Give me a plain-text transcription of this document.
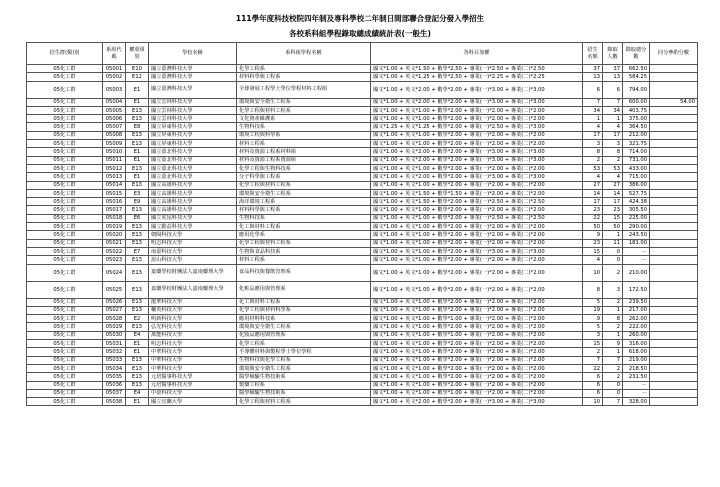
111學年度科技校院四年制及專科學校二年制日間部聯合登記分發入學招生
各校系科組學程錄取總成績統計表(一般生)
招生群(類)別	系組代碼	權重組別	學校名稱	系科組學程名稱	各科目加權	招生名額	錄取人數	錄取總分數	同分參酌分數
05化工群	05001	E10	國立臺灣科技大學	化學工程系	國文*1.00 + 英文*1.50 + 數學*2.50 + 專業(一)*2.50 + 專業(二)*2.50	37	37	662.50	
05化工群	05002	E12	國立臺灣科技大學	材料科學與工程系	國文*1.00 + 英文*1.25 + 數學*2.50 + 專業(一)*2.25 + 專業(二)*2.25	13	13	584.25	
05化工群	05003	E1	國立臺灣科技大學	全球發展工程學士學位學程材料工程組	國文*1.00 + 英文*2.00 + 數學*2.00 + 專業(一)*3.00 + 專業(二)*3.00	6	6	794.00	
05化工群	05004	E1	國立雲林科技大學	環境與安全衛生工程系	國文*1.00 + 英文*2.00 + 數學*2.00 + 專業(一)*3.00 + 專業(二)*3.00	7	7	600.00	54.00
05化工群	05005	E13	國立雲林科技大學	化學工程與材料工程系	國文*1.00 + 英文*1.00 + 數學*2.00 + 專業(一)*2.00 + 專業(二)*2.00	34	34	403.75	
05化工群	05006	E13	國立雲林科技大學	文化資產維護系	國文*1.00 + 英文*1.00 + 數學*2.00 + 專業(一)*2.00 + 專業(二)*2.00	1	1	375.00	
05化工群	05007	E8	國立屏東科技大學	生物科技系	國文*1.25 + 英文*1.25 + 數學*2.00 + 專業(一)*2.50 + 專業(二)*3.00	4	4	364.50	
05化工群	05008	E13	國立屏東科技大學	環境工程與科學系	國文*1.00 + 英文*1.00 + 數學*2.00 + 專業(一)*2.00 + 專業(二)*2.00	17	17	212.00	
05化工群	05009	E13	國立屏東科技大學	材料工程系	國文*1.00 + 英文*1.00 + 數學*2.00 + 專業(一)*2.00 + 專業(二)*2.00	3	3	321.75	
05化工群	05010	E1	國立臺北科技大學	材料及資源工程系材料組	國文*1.00 + 英文*2.00 + 數學*2.00 + 專業(一)*3.00 + 專業(二)*3.00	8	8	714.00	
05化工群	05011	E1	國立臺北科技大學	材料及資源工程系資源組	國文*1.00 + 英文*2.00 + 數學*2.00 + 專業(一)*3.00 + 專業(二)*3.00	2	2	731.00	
05化工群	05012	E13	國立臺北科技大學	化學工程與生物科技系	國文*1.00 + 英文*1.00 + 數學*2.00 + 專業(一)*2.00 + 專業(二)*2.00	53	53	433.00	
05化工群	05013	E1	國立臺北科技大學	分子科學與工程系	國文*1.00 + 英文*2.00 + 數學*2.00 + 專業(一)*3.00 + 專業(二)*3.00	4	4	715.00	
05化工群	05014	E13	國立高雄科技大學	化學工程與材料工程系	國文*1.00 + 英文*1.00 + 數學*2.00 + 專業(一)*2.00 + 專業(二)*2.00	27	27	386.00	
05化工群	05015	E3	國立高雄科技大學	環境與安全衛生工程系	國文*1.00 + 英文*1.50 + 數學*1.50 + 專業(一)*2.00 + 專業(二)*2.00	14	14	527.75	
05化工群	05016	E9	國立高雄科技大學	海洋環境工程系	國文*1.00 + 英文*1.50 + 數學*2.00 + 專業(一)*2.50 + 專業(二)*2.50	17	17	424.38	
05化工群	05017	E13	國立高雄科技大學	材料科學與工程系	國文*1.00 + 英文*1.00 + 數學*2.00 + 專業(一)*2.00 + 專業(二)*2.00	23	23	305.50	
05化工群	05018	E6	國立虎尾科技大學	生物科技系	國文*1.00 + 英文*1.00 + 數學*2.00 + 專業(一)*2.50 + 專業(二)*2.50	22	15	225.00	
05化工群	05019	E13	國立勤益科技大學	化工與材料工程系	國文*1.00 + 英文*1.00 + 數學*2.00 + 專業(一)*2.00 + 專業(二)*2.00	50	50	290.00	
05化工群	05020	E13	朝陽科技大學	應用化學系	國文*1.00 + 英文*1.00 + 數學*2.00 + 專業(一)*2.00 + 專業(二)*2.00	9	1	243.50	
05化工群	05021	E13	明志科技大學	化學工程與材料工程系	國文*1.00 + 英文*1.00 + 數學*2.00 + 專業(一)*2.00 + 專業(二)*2.00	23	11	181.00	
05化工群	05022	E7	南臺科技大學	生物與食品科技系	國文*1.00 + 英文*1.00 + 數學*2.00 + 專業(一)*3.00 + 專業(二)*3.00	15	0	－	
05化工群	05023	E13	崑山科技大學	材料工程系	國文*1.00 + 英文*1.00 + 數學*2.00 + 專業(一)*2.00 + 專業(二)*2.00	4	0	－	
05化工群	05024	E13	嘉藥學校財團法人嘉南藥理大學	食品科技與餐飲管理系	國文*1.00 + 英文*1.00 + 數學*2.00 + 專業(一)*2.00 + 專業(二)*2.00	10	2	210.00	
05化工群	05025	E13	嘉藥學校財團法人嘉南藥理大學	化粧品應用與管理系	國文*1.00 + 英文*1.00 + 數學*2.00 + 專業(一)*2.00 + 專業(二)*2.00	8	3	172.50	
05化工群	05026	E13	龍華科技大學	化工與材料工程系	國文*1.00 + 英文*1.00 + 數學*2.00 + 專業(一)*2.00 + 專業(二)*2.00	5	2	239.50	
05化工群	05027	E13	輔英科技大學	化學工程與材料科學系	國文*1.00 + 英文*1.00 + 數學*2.00 + 專業(一)*2.00 + 專業(二)*2.00	19	1	217.00	
05化工群	05028	E2	明新科技大學	應用材料科技系	國文*1.00 + 英文*1.00 + 數學*1.00 + 專業(一)*2.00 + 專業(二)*2.00	9	8	262.00	
05化工群	05029	E13	弘光科技大學	環境與安全衛生工程系	國文*1.00 + 英文*1.00 + 數學*2.00 + 專業(一)*2.00 + 專業(二)*2.00	5	2	222.00	
05化工群	05030	E4	萬能科技大學	化妝品應用與管理系	國文*1.00 + 英文*1.00 + 數學*1.00 + 專業(一)*2.00 + 專業(二)*2.00	3	1	260.00	
05化工群	05031	E1	明志科技大學	化學工程系	國文*1.00 + 英文*1.00 + 數學*2.00 + 專業(一)*2.00 + 專業(二)*2.00	15	9	316.00	
05化工群	05032	E1	中華科技大學	半導體材料與製程學士學位學程	國文*1.00 + 英文*1.00 + 數學*2.00 + 專業(一)*2.00 + 專業(二)*2.00	2	1	618.00	
05化工群	05033	E13	中華科技大學	生物科技與化學工程系	國文*1.00 + 英文*1.00 + 數學*2.00 + 專業(一)*2.00 + 專業(二)*2.00	7	7	219.00	
05化工群	05034	E13	中華科技大學	環境與安全衛生工程系	國文*1.00 + 英文*1.00 + 數學*2.00 + 專業(一)*2.00 + 專業(二)*2.00	22	2	218.50	
05化工群	05035	E13	元培醫事科技大學	醫學檢驗生物技術系	國文*1.00 + 英文*1.00 + 數學*2.00 + 專業(一)*2.00 + 專業(二)*2.00	6	2	231.50	
05化工群	05036	E13	元培醫事科技大學	製藥工程系	國文*1.00 + 英文*1.00 + 數學*2.00 + 專業(一)*2.00 + 專業(二)*2.00	6	0	－	
05化工群	05037	E4	中臺科技大學	醫學檢驗生物技術系	國文*1.00 + 英文*1.00 + 數學*1.00 + 專業(一)*2.00 + 專業(二)*2.00	6	0	－	
05化工群	05038	E1	國立宜蘭大學	化學工程與材料工程系	國文*1.00 + 英文*2.00 + 數學*2.00 + 專業(一)*3.00 + 專業(二)*3.00	10	7	328.00	
